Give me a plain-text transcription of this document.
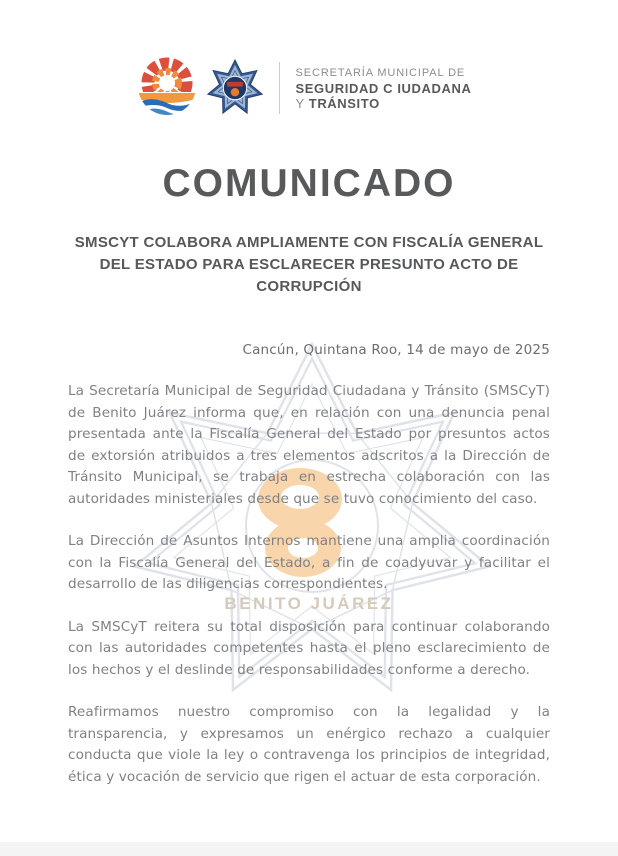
BENITO JUÁREZ
SECRETARÍA MUNICIPAL DE
SEGURIDAD C IUDADANA
Y TRÁNSITO
COMUNICADO
SMSCYT COLABORA AMPLIAMENTE CON FISCALÍA GENERAL DEL ESTADO PARA ESCLARECER PRESUNTO ACTO DE CORRUPCIÓN
Cancún, Quintana Roo, 14 de mayo de 2025

La Secretaría Municipal de Seguridad Ciudadana y Tránsito (SMSCyT) de Benito Juárez informa que, en relación con una denuncia penal presentada ante la Fiscalía General del Estado por presuntos actos de extorsión atribuidos a tres elementos adscritos a la Dirección de Tránsito Municipal, se trabaja en estrecha colaboración con las autoridades ministeriales desde que se tuvo conocimiento del caso.

La Dirección de Asuntos Internos mantiene una amplia coordinación con la Fiscalía General del Estado, a fin de coadyuvar y facilitar el desarrollo de las diligencias correspondientes.

La SMSCyT reitera su total disposición para continuar colaborando con las autoridades competentes hasta el pleno esclarecimiento de los hechos y el deslinde de responsabilidades conforme a derecho.

Reafirmamos nuestro compromiso con la legalidad y la transparencia, y expresamos un enérgico rechazo a cualquier conducta que viole la ley o contravenga los principios de integridad, ética y vocación de servicio que rigen el actuar de esta corporación.
